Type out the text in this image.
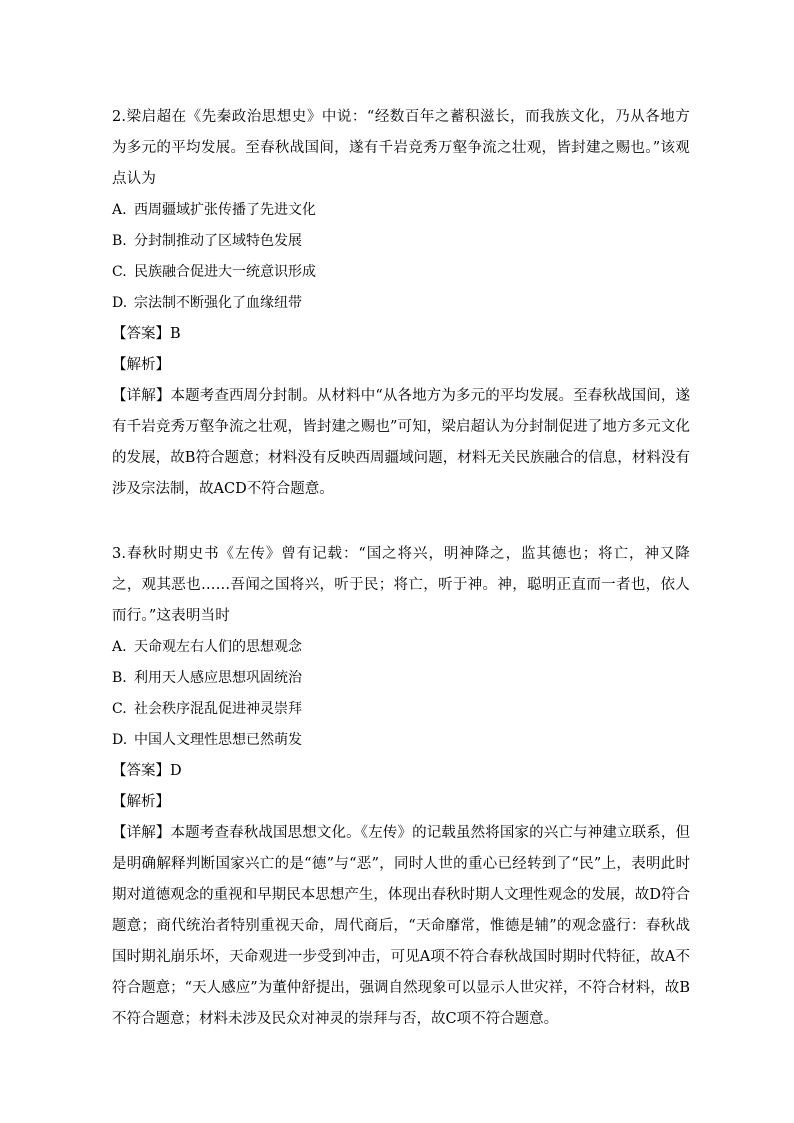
2.梁启超在《先秦政治思想史》中说：“经数百年之蓄积滋长，而我族文化，乃从各地方为多元的平均发展。至春秋战国间，遂有千岩竞秀万壑争流之壮观，皆封建之赐也。”该观点认为

A. 西周疆域扩张传播了先进文化

B. 分封制推动了区域特色发展

C. 民族融合促进大一统意识形成

D. 宗法制不断强化了血缘纽带

【答案】B

【解析】

【详解】本题考查西周分封制。从材料中“从各地方为多元的平均发展。至春秋战国间，遂有千岩竞秀万壑争流之壮观，皆封建之赐也”可知，梁启超认为分封制促进了地方多元文化的发展，故B符合题意；材料没有反映西周疆域问题，材料无关民族融合的信息，材料没有涉及宗法制，故ACD不符合题意。

3.春秋时期史书《左传》曾有记载：“国之将兴，明神降之，监其德也；将亡，神又降之，观其恶也……吾闻之国将兴，听于民；将亡，听于神。神，聪明正直而一者也，依人而行。”这表明当时

A. 天命观左右人们的思想观念

B. 利用天人感应思想巩固统治

C. 社会秩序混乱促进神灵崇拜

D. 中国人文理性思想已然萌发

【答案】D

【解析】

【详解】本题考查春秋战国思想文化。《左传》的记载虽然将国家的兴亡与神建立联系，但是明确解释判断国家兴亡的是“德”与“恶”，同时人世的重心已经转到了“民”上，表明此时期对道德观念的重视和早期民本思想产生，体现出春秋时期人文理性观念的发展，故D符合题意；商代统治者特别重视天命，周代商后，“天命靡常，惟德是辅”的观念盛行：春秋战国时期礼崩乐坏，天命观进一步受到冲击，可见A项不符合春秋战国时期时代特征，故A不符合题意；“天人感应”为董仲舒提出，强调自然现象可以显示人世灾祥，不符合材料，故B不符合题意；材料未涉及民众对神灵的崇拜与否，故C项不符合题意。
